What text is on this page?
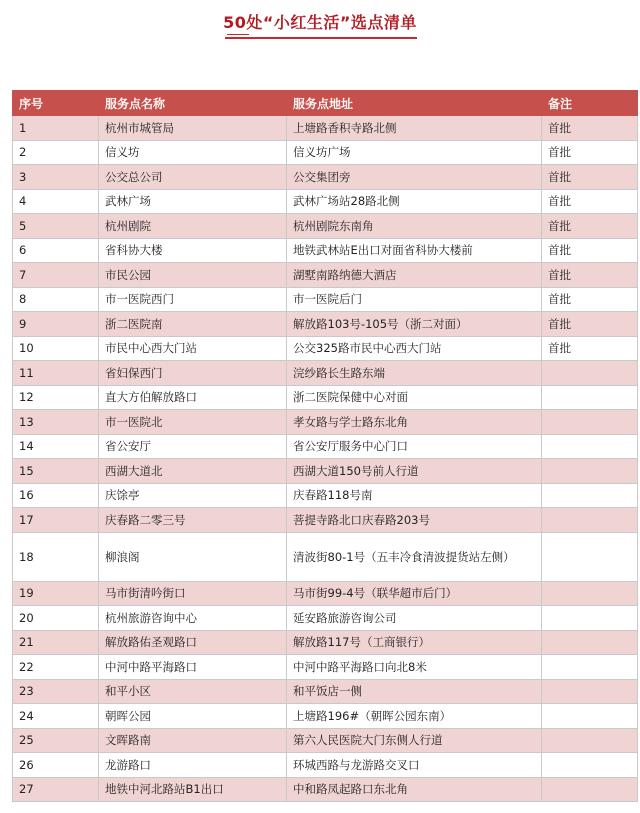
50处“小红生活”选点清单
序号	服务点名称	服务点地址	备注
1	杭州市城管局	上塘路香积寺路北侧	首批
2	信义坊	信义坊广场	首批
3	公交总公司	公交集团旁	首批
4	武林广场	武林广场站28路北侧	首批
5	杭州剧院	杭州剧院东南角	首批
6	省科协大楼	地铁武林站E出口对面省科协大楼前	首批
7	市民公园	湖墅南路纳德大酒店	首批
8	市一医院西门	市一医院后门	首批
9	浙二医院南	解放路103号-105号（浙二对面）	首批
10	市民中心西大门站	公交325路市民中心西大门站	首批
11	省妇保西门	浣纱路长生路东端	
12	直大方伯解放路口	浙二医院保健中心对面	
13	市一医院北	孝女路与学士路东北角	
14	省公安厅	省公安厅服务中心门口	
15	西湖大道北	西湖大道150号前人行道	
16	庆馀亭	庆春路118号南	
17	庆春路二零三号	菩提寺路北口庆春路203号	
18	柳浪阁	清波街80-1号（五丰冷食清波提货站左侧）	
19	马市街清吟街口	马市街99-4号（联华超市后门）	
20	杭州旅游咨询中心	延安路旅游咨询公司	
21	解放路佑圣观路口	解放路117号（工商银行）	
22	中河中路平海路口	中河中路平海路口向北8米	
23	和平小区	和平饭店一侧	
24	朝晖公园	上塘路196#（朝晖公园东南）	
25	文晖路南	第六人民医院大门东侧人行道	
26	龙游路口	环城西路与龙游路交叉口	
27	地铁中河北路站B1出口	中和路凤起路口东北角	
